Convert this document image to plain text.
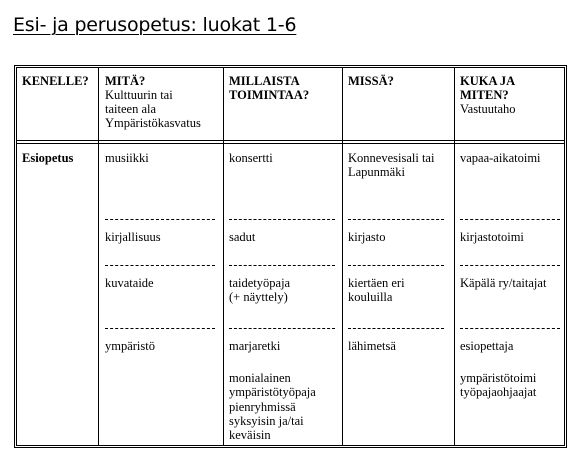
Esi- ja perusopetus: luokat 1-6
KENELLE? MITÄ?
Kulttuurin tai
taiteen ala
Ympäristökasvatus
MILLAISTA
TOIMINTAA?
MISSÄ?	KUKA JA
MITEN?
Vastuutaho
Esiopetus	musiikki
kirjallisuus
kuvataide
ympäristö
konsertti
sadut
taidetyöpaja
(+ näyttely)
marjaretki
monialainen
ympäristötyöpaja
pienryhmissä
syksyisin ja/tai
keväisin
Konnevesisali tai
Lapunmäki
kirjasto
kiertäen eri
kouluilla
lähimetsä
vapaa-aikatoimi
kirjastotoimi
Käpälä ry/taitajat
esiopettaja
ympäristötoimi
työpajaohjaajat
